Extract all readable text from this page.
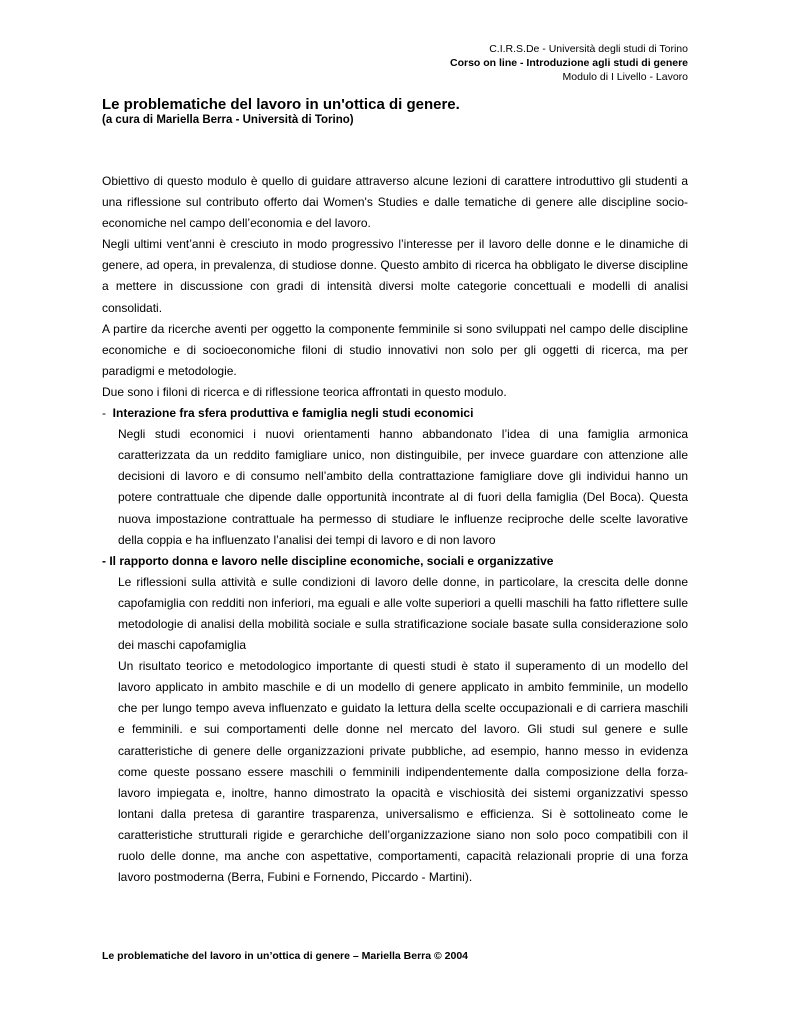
C.I.R.S.De - Università degli studi di Torino
Corso on line - Introduzione agli studi di genere
Modulo di I Livello - Lavoro

Le problematiche del lavoro in un'ottica di genere.

(a cura di Mariella Berra - Università di Torino)

Obiettivo di questo modulo è quello di guidare attraverso alcune lezioni di carattere introduttivo gli studenti a una riflessione sul contributo offerto dai Women's Studies e dalle tematiche di genere alle discipline socio-economiche nel campo dell’economia e del lavoro.

Negli ultimi vent’anni è cresciuto in modo progressivo l’interesse per il lavoro delle donne e le dinamiche di genere, ad opera, in prevalenza, di studiose donne. Questo ambito di ricerca ha obbligato le diverse discipline a mettere in discussione con gradi di intensità diversi molte categorie concettuali e modelli di analisi consolidati.

A partire da ricerche aventi per oggetto la componente femminile si sono sviluppati nel campo delle discipline economiche e di socioeconomiche filoni di studio innovativi non solo per gli oggetti di ricerca, ma per paradigmi e metodologie.

Due sono i filoni di ricerca e di riflessione teorica affrontati in questo modulo.

- Interazione fra sfera produttiva e famiglia negli studi economici

Negli studi economici i nuovi orientamenti hanno abbandonato l’idea di una famiglia armonica caratterizzata da un reddito famigliare unico, non distinguibile, per invece guardare con attenzione alle decisioni di lavoro e di consumo nell’ambito della contrattazione famigliare dove gli individui hanno un potere contrattuale che dipende dalle opportunità incontrate al di fuori della famiglia (Del Boca). Questa nuova impostazione contrattuale ha permesso di studiare le influenze reciproche delle scelte lavorative della coppia e ha influenzato l’analisi dei tempi di lavoro e di non lavoro

- Il rapporto donna e lavoro nelle discipline economiche, sociali e organizzative

Le riflessioni sulla attività e sulle condizioni di lavoro delle donne, in particolare, la crescita delle donne capofamiglia con redditi non inferiori, ma eguali e alle volte superiori a quelli maschili ha fatto riflettere sulle metodologie di analisi della mobilità sociale e sulla stratificazione sociale basate sulla considerazione solo dei maschi capofamiglia

Un risultato teorico e metodologico importante di questi studi è stato il superamento di un modello del lavoro applicato in ambito maschile e di un modello di genere applicato in ambito femminile, un modello che per lungo tempo aveva influenzato e guidato la lettura della scelte occupazionali e di carriera maschili e femminili. e sui comportamenti delle donne nel mercato del lavoro. Gli studi sul genere e sulle caratteristiche di genere delle organizzazioni private pubbliche, ad esempio, hanno messo in evidenza come queste possano essere maschili o femminili indipendentemente dalla composizione della forza-lavoro impiegata e, inoltre, hanno dimostrato la opacità e vischiosità dei sistemi organizzativi spesso lontani dalla pretesa di garantire trasparenza, universalismo e efficienza. Si è sottolineato come le caratteristiche strutturali rigide e gerarchiche dell’organizzazione siano non solo poco compatibili con il ruolo delle donne, ma anche con aspettative, comportamenti, capacità relazionali proprie di una forza lavoro postmoderna (Berra, Fubini e Fornendo, Piccardo - Martini).

Le problematiche del lavoro in un’ottica di genere – Mariella Berra © 2004
